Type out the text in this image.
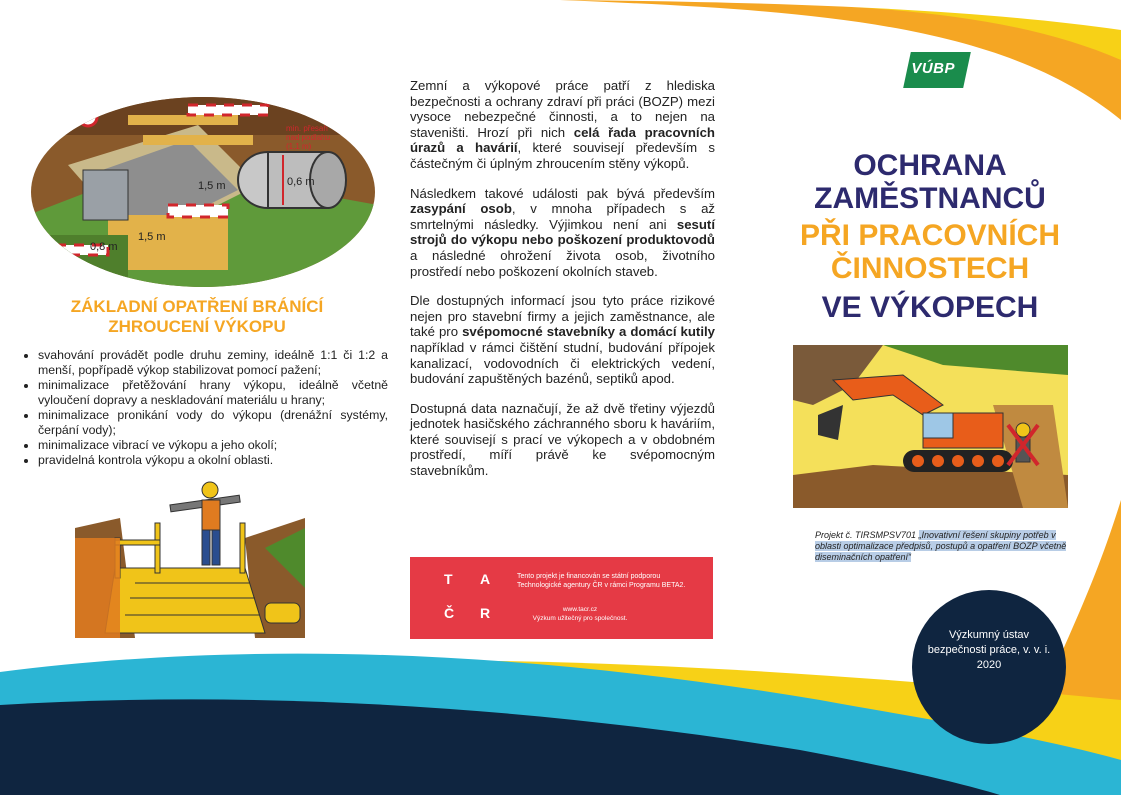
min. přesah
nad podlahu
(1,1 m)
1,5 m	0,6 m
0,8 m
1,5 m
ZÁKLADNÍ OPATŘENÍ BRÁNÍCÍ
ZHROUCENÍ VÝKOPU
• svahování provádět podle druhu zeminy, ideálně 1:1 či 1:2 a menší, popřípadě výkop stabilizovat pomocí pažení;
• minimalizace přetěžování hrany výkopu, ideálně včetně vyloučení dopravy a neskladování materiálu u hrany;
• minimalizace pronikání vody do výkopu (drenážní systémy, čerpání vody);
• minimalizace vibrací ve výkopu a jeho okolí;
• pravidelná kontrola výkopu a okolní oblasti.

Zemní a výkopové práce patří z hlediska bezpečnosti a ochrany zdraví při práci (BOZP) mezi vysoce nebezpečné činnosti, a to nejen na staveništi. Hrozí při nich celá řada pracovních úrazů a havárií, které souvisejí především s částečným či úplným zhroucením stěny výkopů.

Následkem takové události pak bývá především zasypání osob, v mnoha případech s až smrtelnými následky. Výjimkou není ani sesutí strojů do výkopu nebo poškození produktovodů a následné ohrožení života osob, životního prostředí nebo poškození okolních staveb.

Dle dostupných informací jsou tyto práce rizikové nejen pro stavební firmy a jejich zaměstnance, ale také pro svépomocné stavebníky a domácí kutily například v rámci čištění studní, budování přípojek kanalizací, vodovodních či elektrických vedení, budování zapuštěných bazénů, septiků apod.

Dostupná data naznačují, že až dvě třetiny výjezdů jednotek hasičského záchranného sboru k haváriím, které souvisejí s prací ve výkopech a v obdobném prostředí, míří právě ke svépomocným stavebníkům.

T A
Č R
Tento projekt je financován se státní podporou Technologické agentury ČR v rámci Programu BETA2.
www.tacr.cz
Výzkum užitečný pro společnost.
VÚBP
OCHRANA
ZAMĚSTNANCŮ
PŘI PRACOVNÍCH
ČINNOSTECH
VE VÝKOPECH
Projekt č. TIRSMPSV701 „Inovativní řešení skupiny potřeb v oblasti optimalizace předpisů, postupů a opatření BOZP včetně diseminačních opatření“
Výzkumný ústav
bezpečnosti práce, v. v. i.
2020
